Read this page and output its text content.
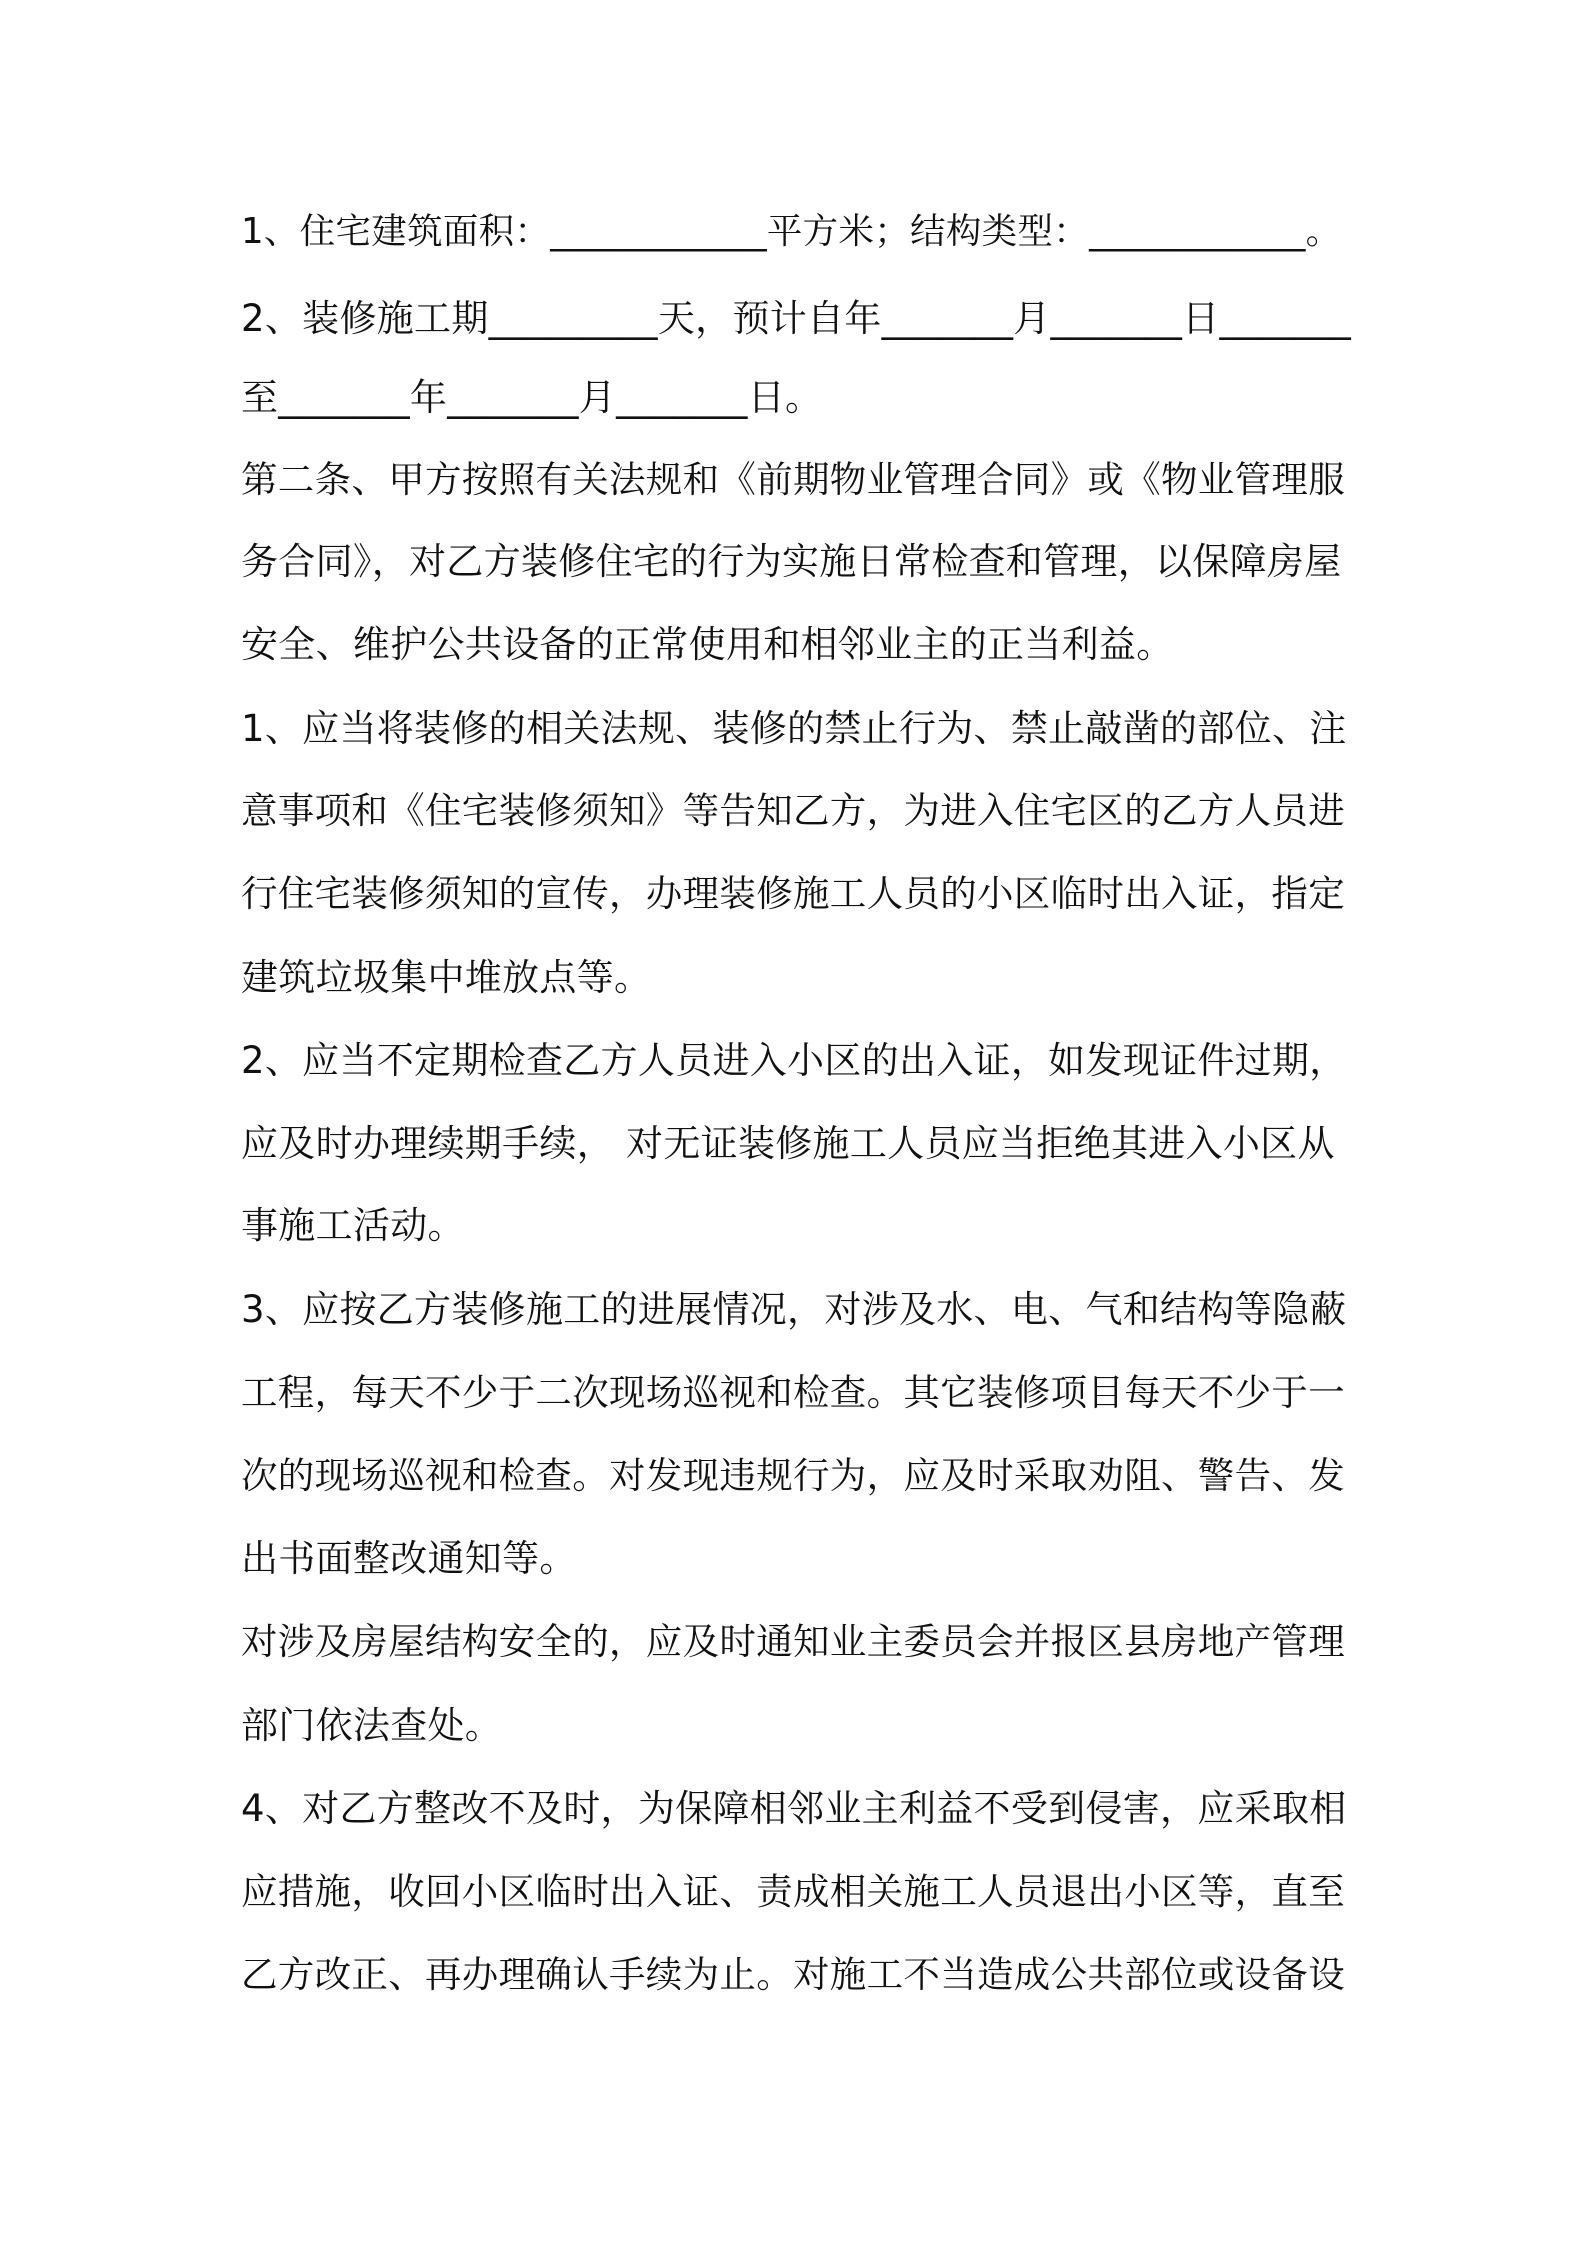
1、住宅建筑面积：____________平方米；结构类型：____________。

2、装修施工期_________天，预计自年_______月_______日_______

至_______年_______月_______日。

第二条、甲方按照有关法规和《前期物业管理合同》或《物业管理服

务合同》，对乙方装修住宅的行为实施日常检查和管理，以保障房屋

安全、维护公共设备的正常使用和相邻业主的正当利益。

1、应当将装修的相关法规、装修的禁止行为、禁止敲凿的部位、注

意事项和《住宅装修须知》等告知乙方，为进入住宅区的乙方人员进

行住宅装修须知的宣传，办理装修施工人员的小区临时出入证，指定

建筑垃圾集中堆放点等。

2、应当不定期检查乙方人员进入小区的出入证，如发现证件过期，

应及时办理续期手续， 对无证装修施工人员应当拒绝其进入小区从

事施工活动。

3、应按乙方装修施工的进展情况，对涉及水、电、气和结构等隐蔽

工程，每天不少于二次现场巡视和检查。其它装修项目每天不少于一

次的现场巡视和检查。对发现违规行为，应及时采取劝阻、警告、发

出书面整改通知等。

对涉及房屋结构安全的，应及时通知业主委员会并报区县房地产管理

部门依法查处。

4、对乙方整改不及时，为保障相邻业主利益不受到侵害，应采取相

应措施，收回小区临时出入证、责成相关施工人员退出小区等，直至

乙方改正、再办理确认手续为止。对施工不当造成公共部位或设备设
